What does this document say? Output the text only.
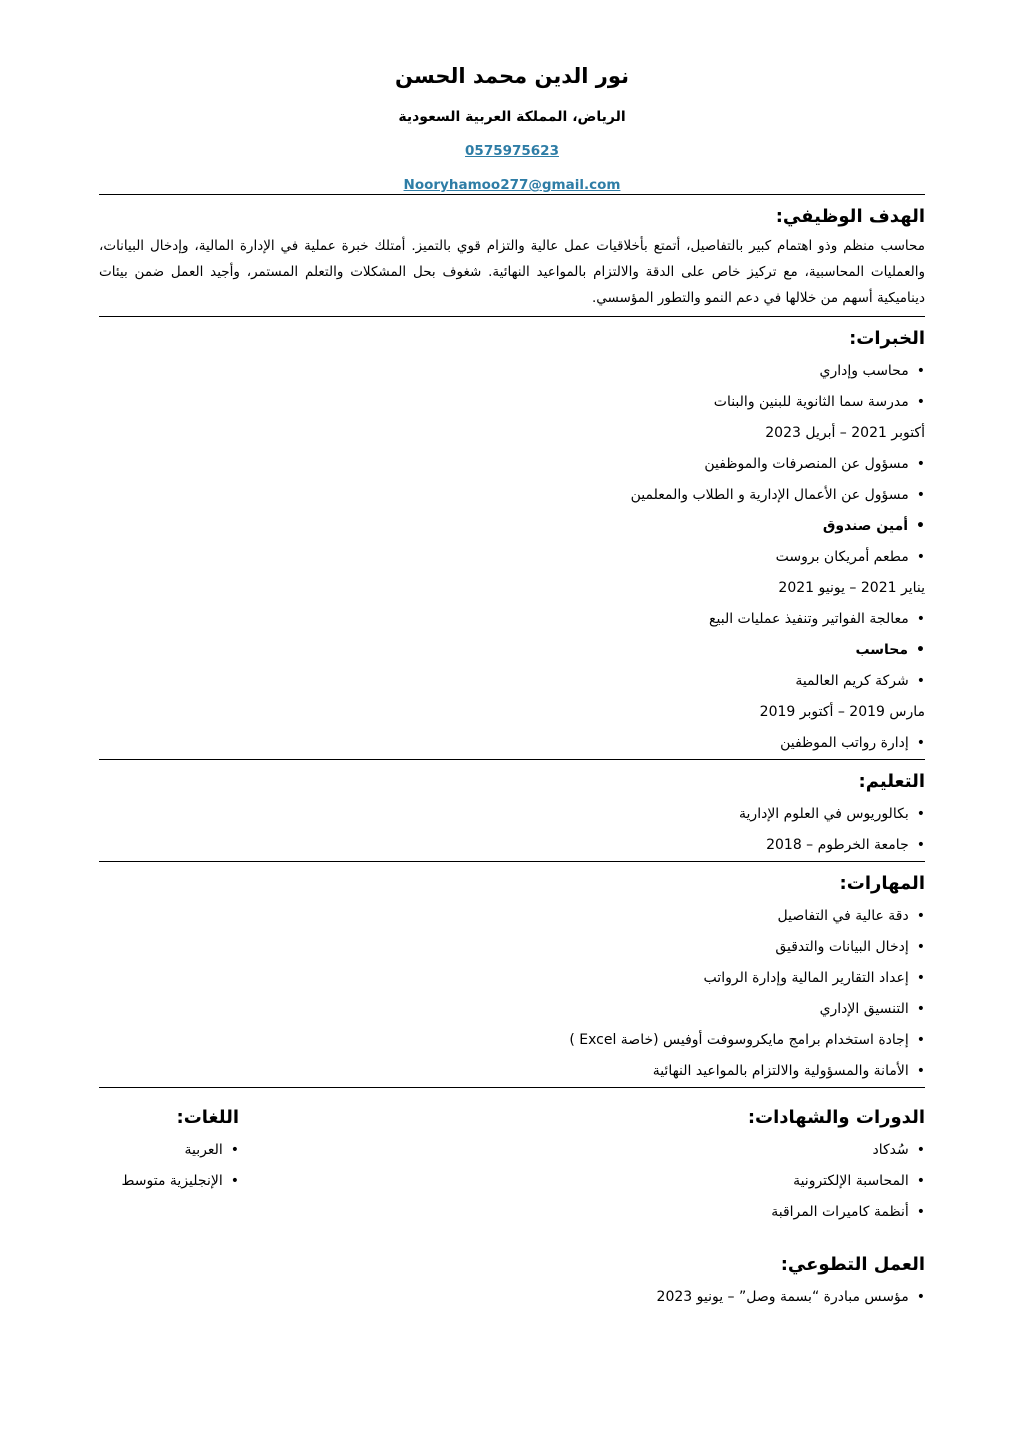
نور الدين محمد الحسن
الرياض، المملكة العربية السعودية
0575975623
Nooryhamoo277@gmail.com
الهدف الوظيفي:

محاسب منظم وذو اهتمام كبير بالتفاصيل، أتمتع بأخلاقيات عمل عالية والتزام قوي بالتميز. أمتلك خبرة عملية في الإدارة المالية، وإدخال البيانات، والعمليات المحاسبية، مع تركيز خاص على الدقة والالتزام بالمواعيد النهائية. شغوف بحل المشكلات والتعلم المستمر، وأجيد العمل ضمن بيئات ديناميكية أسهم من خلالها في دعم النمو والتطور المؤسسي.

الخبرات:
•محاسب وإداري
•مدرسة سما الثانوية للبنين والبنات
أكتوبر 2021 – أبريل 2023
•مسؤول عن المنصرفات والموظفين
•مسؤول عن الأعمال الإدارية و الطلاب والمعلمين
•أمين صندوق
•مطعم أمريكان بروست
يناير 2021 – يونيو 2021
•معالجة الفواتير وتنفيذ عمليات البيع
•محاسب
•شركة كريم العالمية
مارس 2019 – أكتوبر 2019
•إدارة رواتب الموظفين
التعليم:
•بكالوريوس في العلوم الإدارية
•جامعة الخرطوم – 2018
المهارات:
•دقة عالية في التفاصيل
•إدخال البيانات والتدقيق
•إعداد التقارير المالية وإدارة الرواتب
•التنسيق الإداري
•إجادة استخدام برامج مايكروسوفت أوفيس (خاصة Excel )
•الأمانة والمسؤولية والالتزام بالمواعيد النهائية
الدورات والشهادات:
•سُدكاد
•المحاسبة الإلكترونية
•أنظمة كاميرات المراقبة
اللغات:
•العربية
•الإنجليزية متوسط
العمل التطوعي:
•مؤسس مبادرة “بسمة وصل” – يونيو 2023
